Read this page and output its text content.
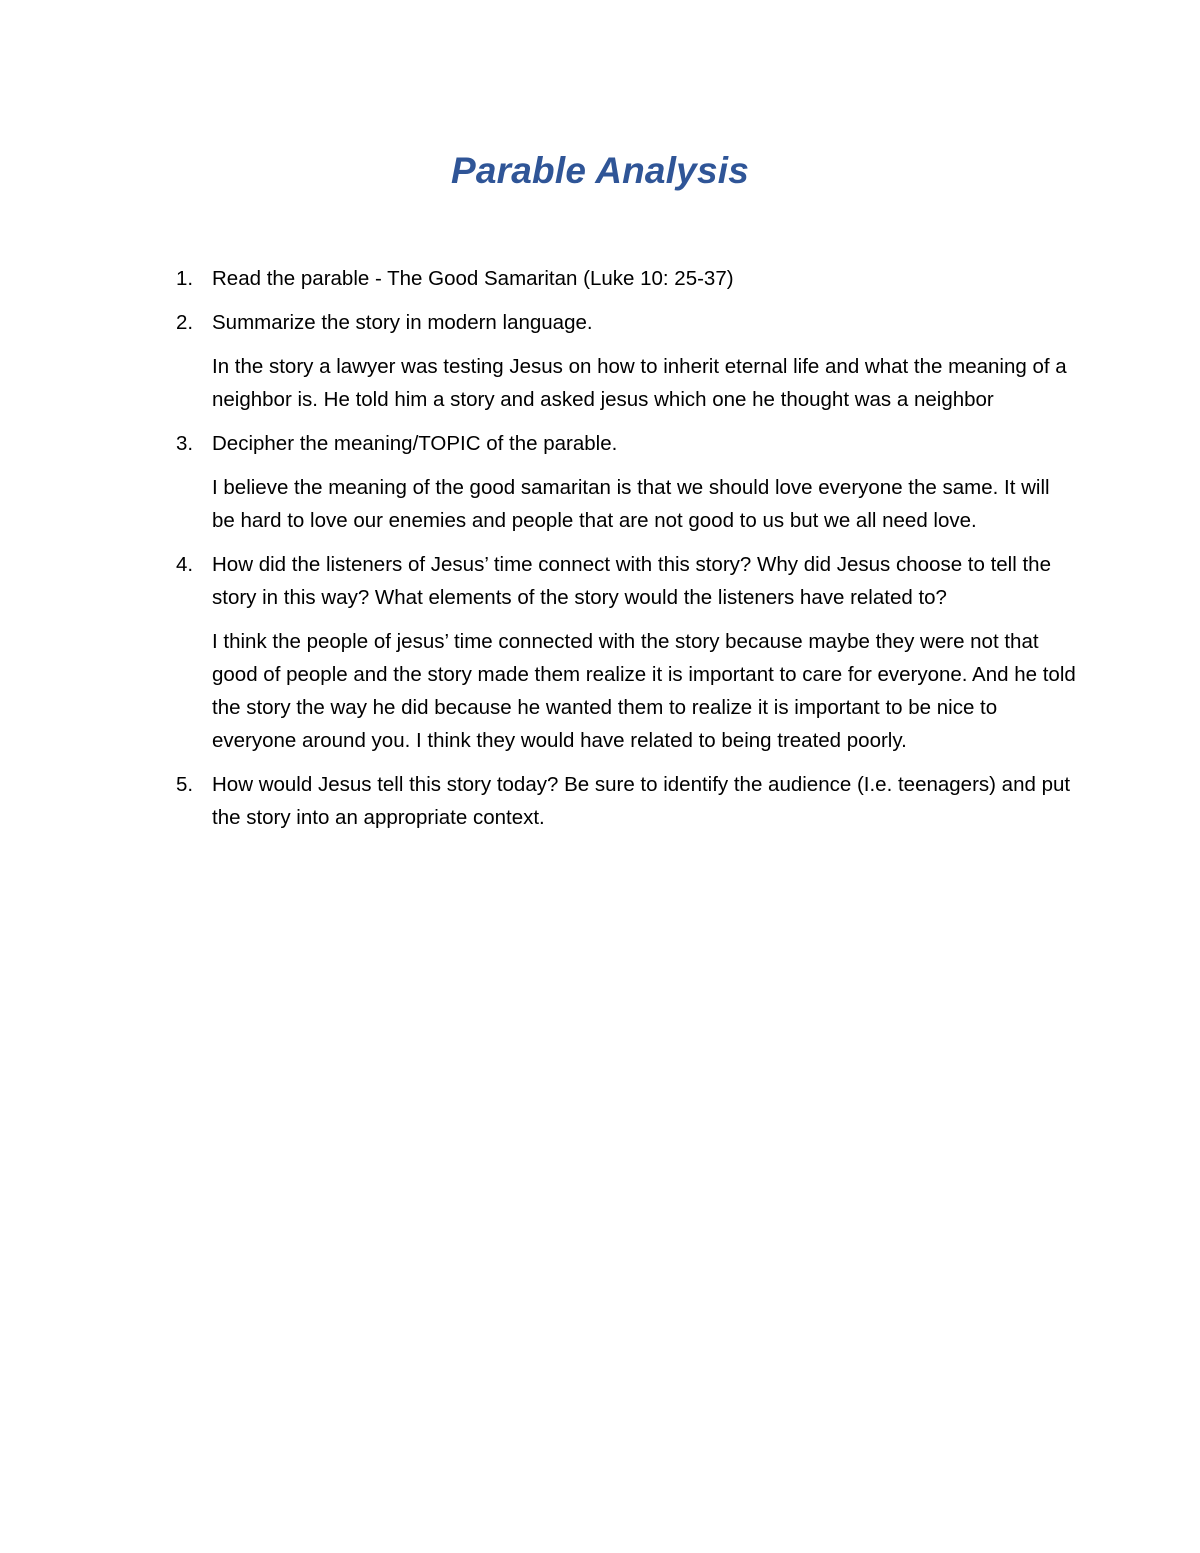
Parable Analysis
1. Read the parable - The Good Samaritan (Luke 10: 25-37)
2. Summarize the story in modern language.
In the story a lawyer was testing Jesus on how to inherit eternal life and what the meaning of a neighbor is. He told him a story and asked jesus which one he thought was a neighbor
3. Decipher the meaning/TOPIC of the parable.
I believe the meaning of the good samaritan is that we should love everyone the same. It will be hard to love our enemies and people that are not good to us but we all need love.
4. How did the listeners of Jesus’ time connect with this story? Why did Jesus choose to tell the story in this way? What elements of the story would the listeners have related to?
I think the people of jesus’ time connected with the story because maybe they were not that good of people and the story made them realize it is important to care for everyone. And he told the story the way he did because he wanted them to realize it is important to be nice to everyone around you. I think they would have related to being treated poorly.
5. How would Jesus tell this story today? Be sure to identify the audience (I.e. teenagers) and put the story into an appropriate context.
